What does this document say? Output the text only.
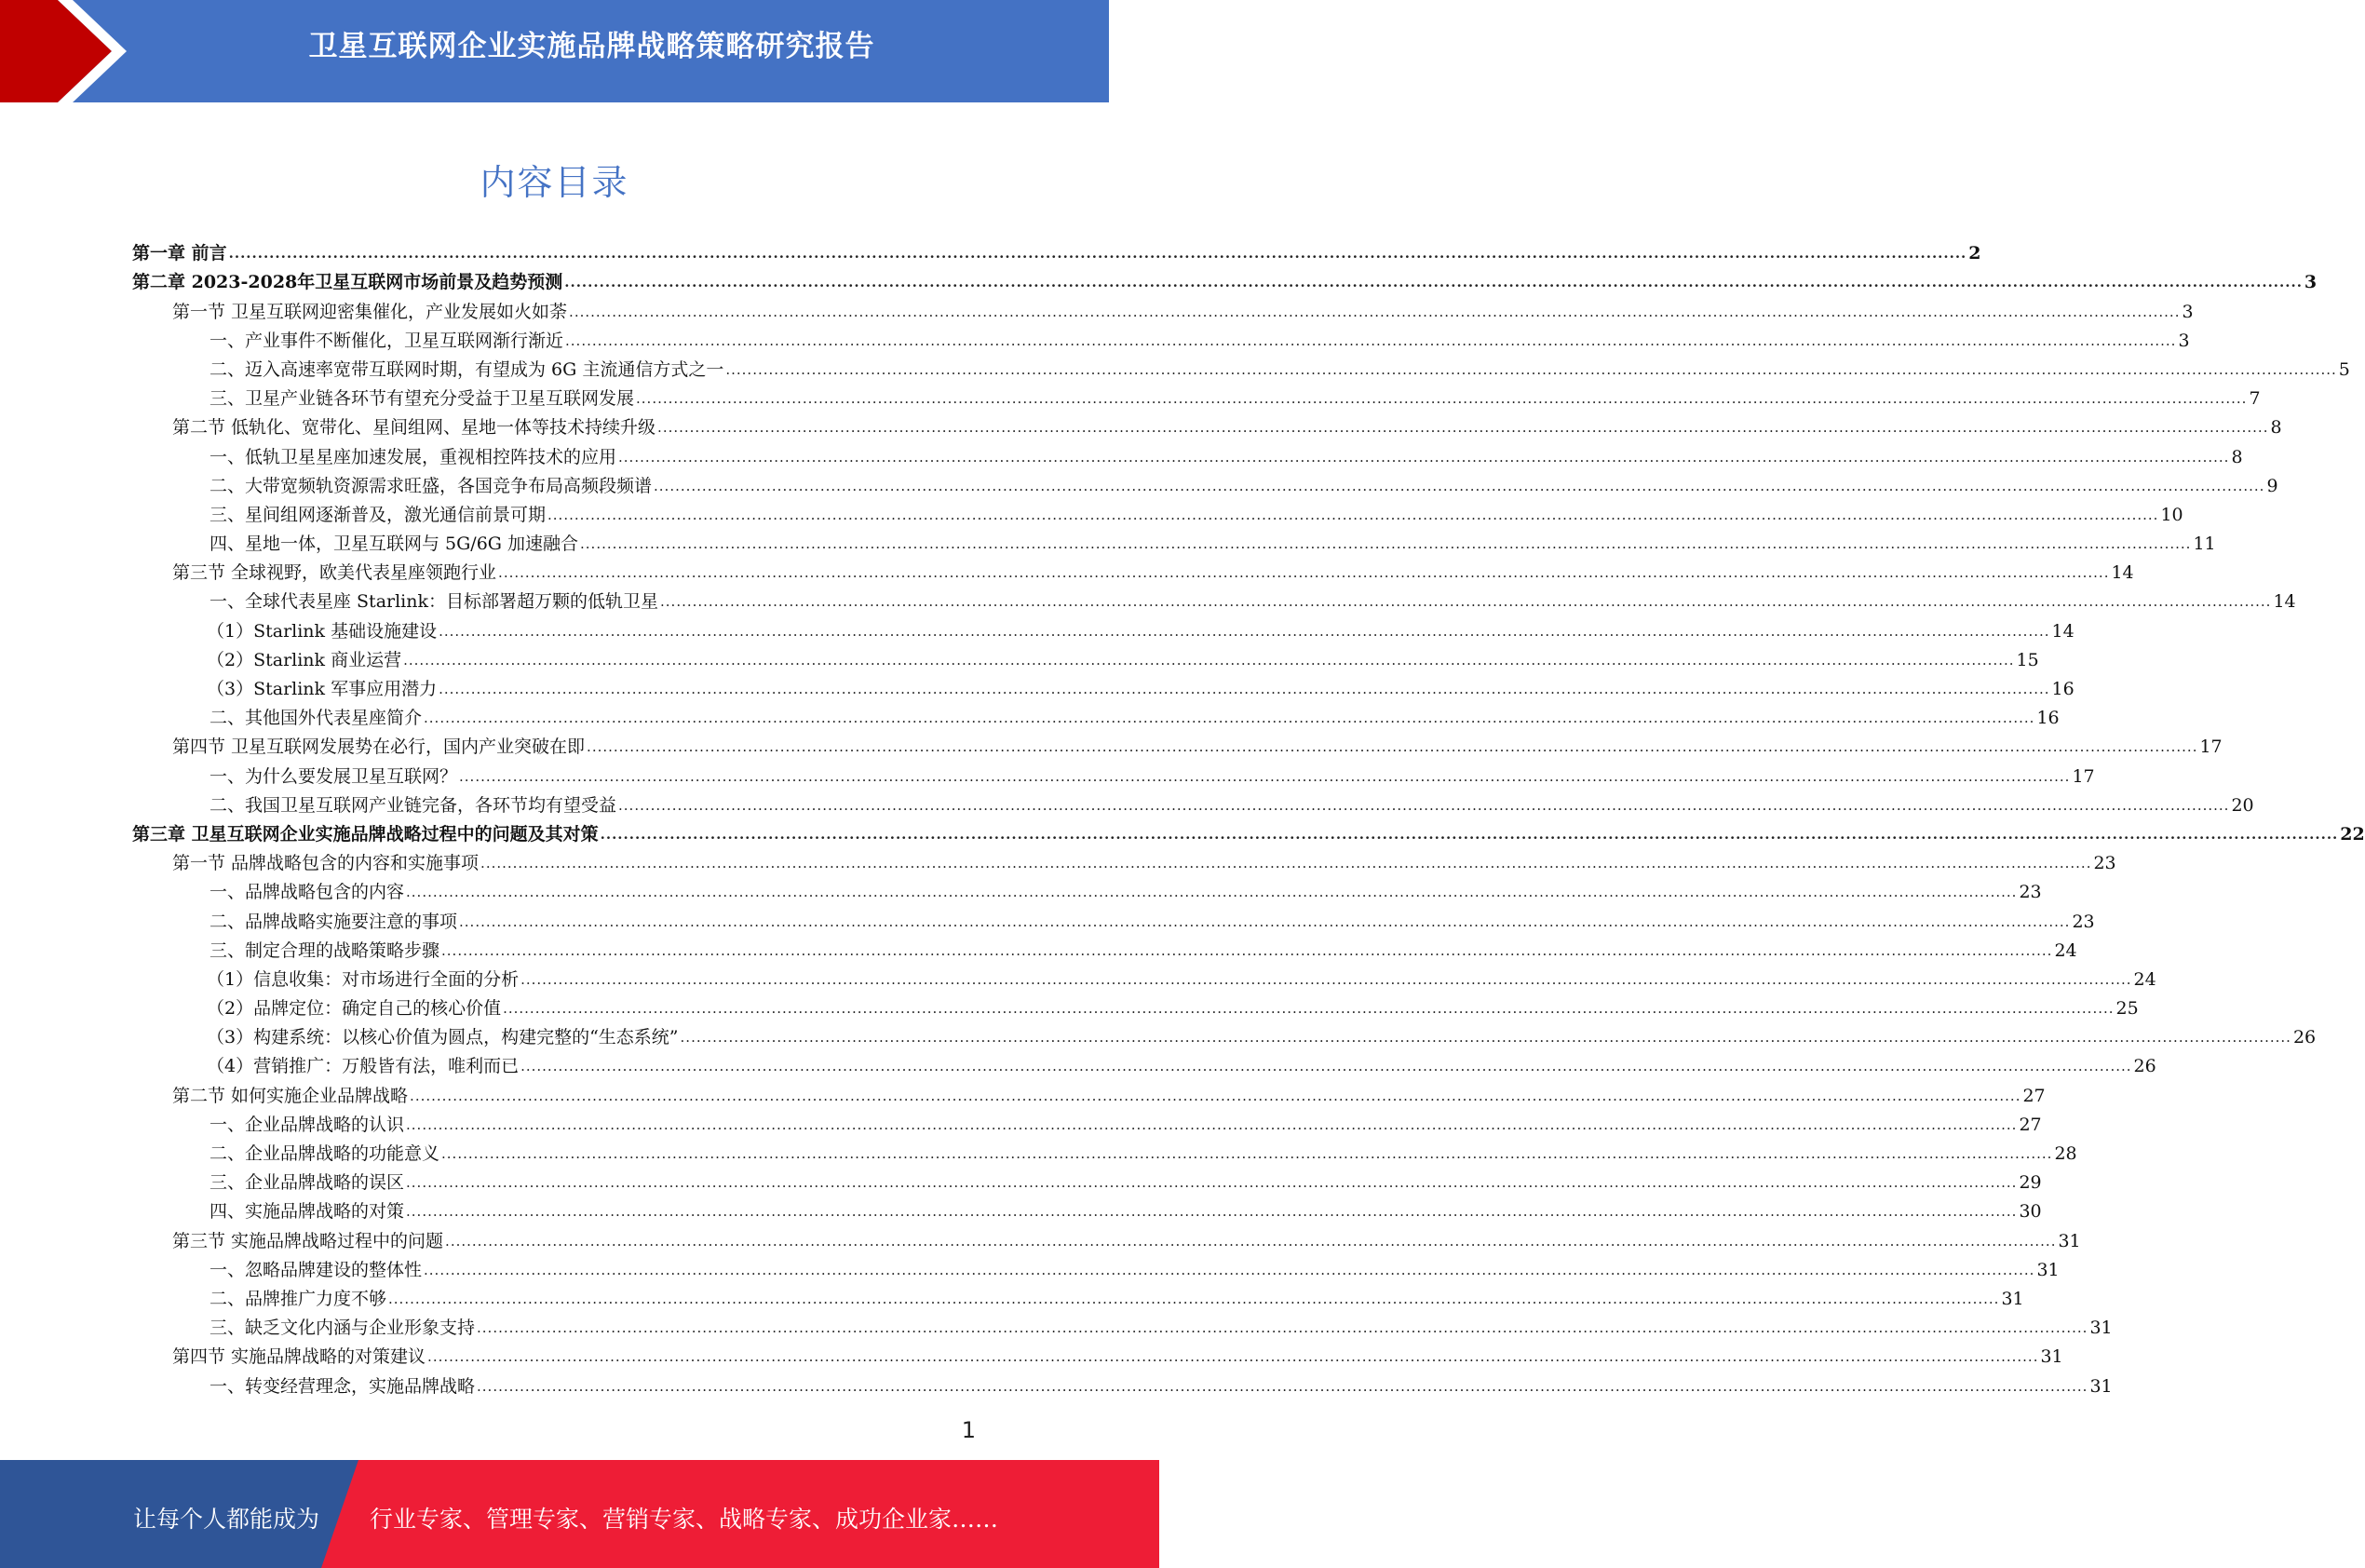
卫星互联网企业实施品牌战略策略研究报告
内容目录
第一章 前言 ............................................................................................................................................................................................................................................................................................................ 2
第二章 2023-2028年卫星互联网市场前景及趋势预测 ............................................................................................................................................................................................................................................................................................................ 3
第一节 卫星互联网迎密集催化，产业发展如火如荼 ............................................................................................................................................................................................................................................................................................................ 3
一、产业事件不断催化，卫星互联网渐行渐近 ............................................................................................................................................................................................................................................................................................................ 3
二、迈入高速率宽带互联网时期，有望成为 6G 主流通信方式之一 ............................................................................................................................................................................................................................................................................................................ 5
三、卫星产业链各环节有望充分受益于卫星互联网发展 ............................................................................................................................................................................................................................................................................................................ 7
第二节 低轨化、宽带化、星间组网、星地一体等技术持续升级 ............................................................................................................................................................................................................................................................................................................ 8
一、低轨卫星星座加速发展，重视相控阵技术的应用 ............................................................................................................................................................................................................................................................................................................ 8
二、大带宽频轨资源需求旺盛，各国竞争布局高频段频谱 ............................................................................................................................................................................................................................................................................................................ 9
三、星间组网逐渐普及，激光通信前景可期 ............................................................................................................................................................................................................................................................................................................ 10
四、星地一体，卫星互联网与 5G/6G 加速融合 ............................................................................................................................................................................................................................................................................................................ 11
第三节 全球视野，欧美代表星座领跑行业 ............................................................................................................................................................................................................................................................................................................ 14
一、全球代表星座 Starlink：目标部署超万颗的低轨卫星 ............................................................................................................................................................................................................................................................................................................ 14
（1）Starlink 基础设施建设 ............................................................................................................................................................................................................................................................................................................ 14
（2）Starlink 商业运营 ............................................................................................................................................................................................................................................................................................................ 15
（3）Starlink 军事应用潜力 ............................................................................................................................................................................................................................................................................................................ 16
二、其他国外代表星座简介 ............................................................................................................................................................................................................................................................................................................ 16
第四节 卫星互联网发展势在必行，国内产业突破在即 ............................................................................................................................................................................................................................................................................................................ 17
一、为什么要发展卫星互联网？ ............................................................................................................................................................................................................................................................................................................ 17
二、我国卫星互联网产业链完备，各环节均有望受益 ............................................................................................................................................................................................................................................................................................................ 20
第三章 卫星互联网企业实施品牌战略过程中的问题及其对策 ............................................................................................................................................................................................................................................................................................................ 22
第一节 品牌战略包含的内容和实施事项 ............................................................................................................................................................................................................................................................................................................ 23
一、品牌战略包含的内容 ............................................................................................................................................................................................................................................................................................................ 23
二、品牌战略实施要注意的事项 ............................................................................................................................................................................................................................................................................................................ 23
三、制定合理的战略策略步骤 ............................................................................................................................................................................................................................................................................................................ 24
（1）信息收集：对市场进行全面的分析 ............................................................................................................................................................................................................................................................................................................ 24
（2）品牌定位：确定自己的核心价值 ............................................................................................................................................................................................................................................................................................................ 25
（3）构建系统：以核心价值为圆点，构建完整的“生态系统” ............................................................................................................................................................................................................................................................................................................ 26
（4）营销推广：万般皆有法，唯利而已 ............................................................................................................................................................................................................................................................................................................ 26
第二节 如何实施企业品牌战略 ............................................................................................................................................................................................................................................................................................................ 27
一、企业品牌战略的认识 ............................................................................................................................................................................................................................................................................................................ 27
二、企业品牌战略的功能意义 ............................................................................................................................................................................................................................................................................................................ 28
三、企业品牌战略的误区 ............................................................................................................................................................................................................................................................................................................ 29
四、实施品牌战略的对策 ............................................................................................................................................................................................................................................................................................................ 30
第三节 实施品牌战略过程中的问题 ............................................................................................................................................................................................................................................................................................................ 31
一、忽略品牌建设的整体性 ............................................................................................................................................................................................................................................................................................................ 31
二、品牌推广力度不够 ............................................................................................................................................................................................................................................................................................................ 31
三、缺乏文化内涵与企业形象支持 ............................................................................................................................................................................................................................................................................................................ 31
第四节 实施品牌战略的对策建议 ............................................................................................................................................................................................................................................................................................................ 31
一、转变经营理念，实施品牌战略 ............................................................................................................................................................................................................................................................................................................ 31
1
让每个人都能成为 行业专家、管理专家、营销专家、战略专家、成功企业家……
